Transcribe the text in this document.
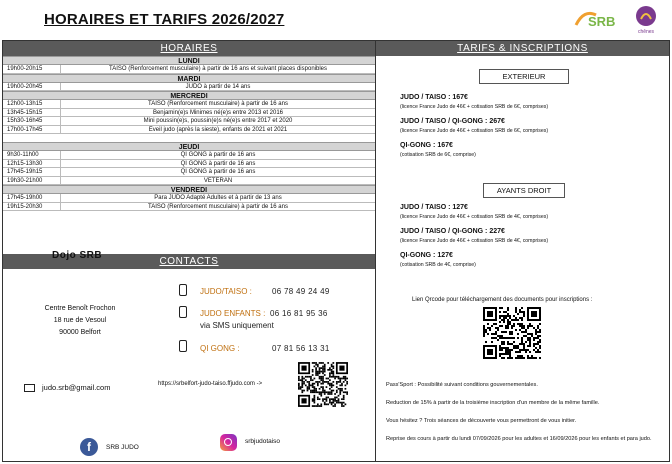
HORAIRES ET TARIFS 2026/2027	SRB
chênes
HORAIRES
LUNDI
19h00-20h15	TAISO (Renforcement musculaire) à partir de 16 ans et suivant places disponibles
MARDI
19h00-20h45	JUDO à partir de 14 ans
MERCREDI
12h00-13h15	TAISO (Renforcement musculaire) à partir de 16 ans
13h45-15h15	Benjamin(e)s Minimes né(e)s entre 2013 et 2016
15h30-16h45	Mini poussin(e)s, poussin(e)s né(e)s entre 2017 et 2020
17h00-17h45	Eveil judo (après la sieste), enfants de 2021 et 2021
JEUDI
9h30-11h00	QI GONG à partir de 16 ans
12h15-13h30	QI GONG à partir de 16 ans
17h45-19h15	QI GONG à partir de 16 ans
19h30-21h00	VETERAN
VENDREDI
17h45-19h00	Para JUDO Adapté Adultes et à partir de 13 ans
19h15-20h30	TAISO (Renforcement musculaire) à partir de 16 ans
TARIFS & INSCRIPTIONS
EXTERIEUR
JUDO / TAISO : 167€
(licence France Judo de 46€ + cotisation SRB de 6€, comprises)
JUDO / TAISO / QI-GONG : 267€
(licence France Judo de 46€ + cotisation SRB de 6€, comprises)
QI-GONG : 167€
(cotisation SRB de 6€, comprise)
AYANTS DROIT
JUDO / TAISO : 127€
(licence France Judo de 46€ + cotisation SRB de 4€, comprises)
JUDO / TAISO / QI-GONG : 227€
(licence France Judo de 46€ + cotisation SRB de 4€, comprises)
QI-GONG : 127€
(cotisation SRB de 4€, comprise)
Lien Qrcode pour téléchargement des documents pour inscriptions :
Pass'Sport : Possibilité suivant conditions gouvernementales.
Reduction de 15% à partir de la troisième inscription d'un membre de la même famille.
Vous hésitez ? Trois séances de découverte vous permettront de vous initier.
Reprise des cours à partir du lundi 07/09/2026 pour les adultes et 16/09/2026 pour les enfants et para judo.
CONTACTS
Dojo SRB
Centre Benoît Frochon
18 rue de Vesoul
90000 Belfort
JUDO/TAISO :	06 78 49 24 49
JUDO ENFANTS : 06 16 81 95 36
via SMS uniquement
QI GONG :	07 81 56 13 31
judo.srb@gmail.com	https://srbelfort-judo-taiso.ffjudo.com ->
f	SRB JUDO
srbjudotaiso
